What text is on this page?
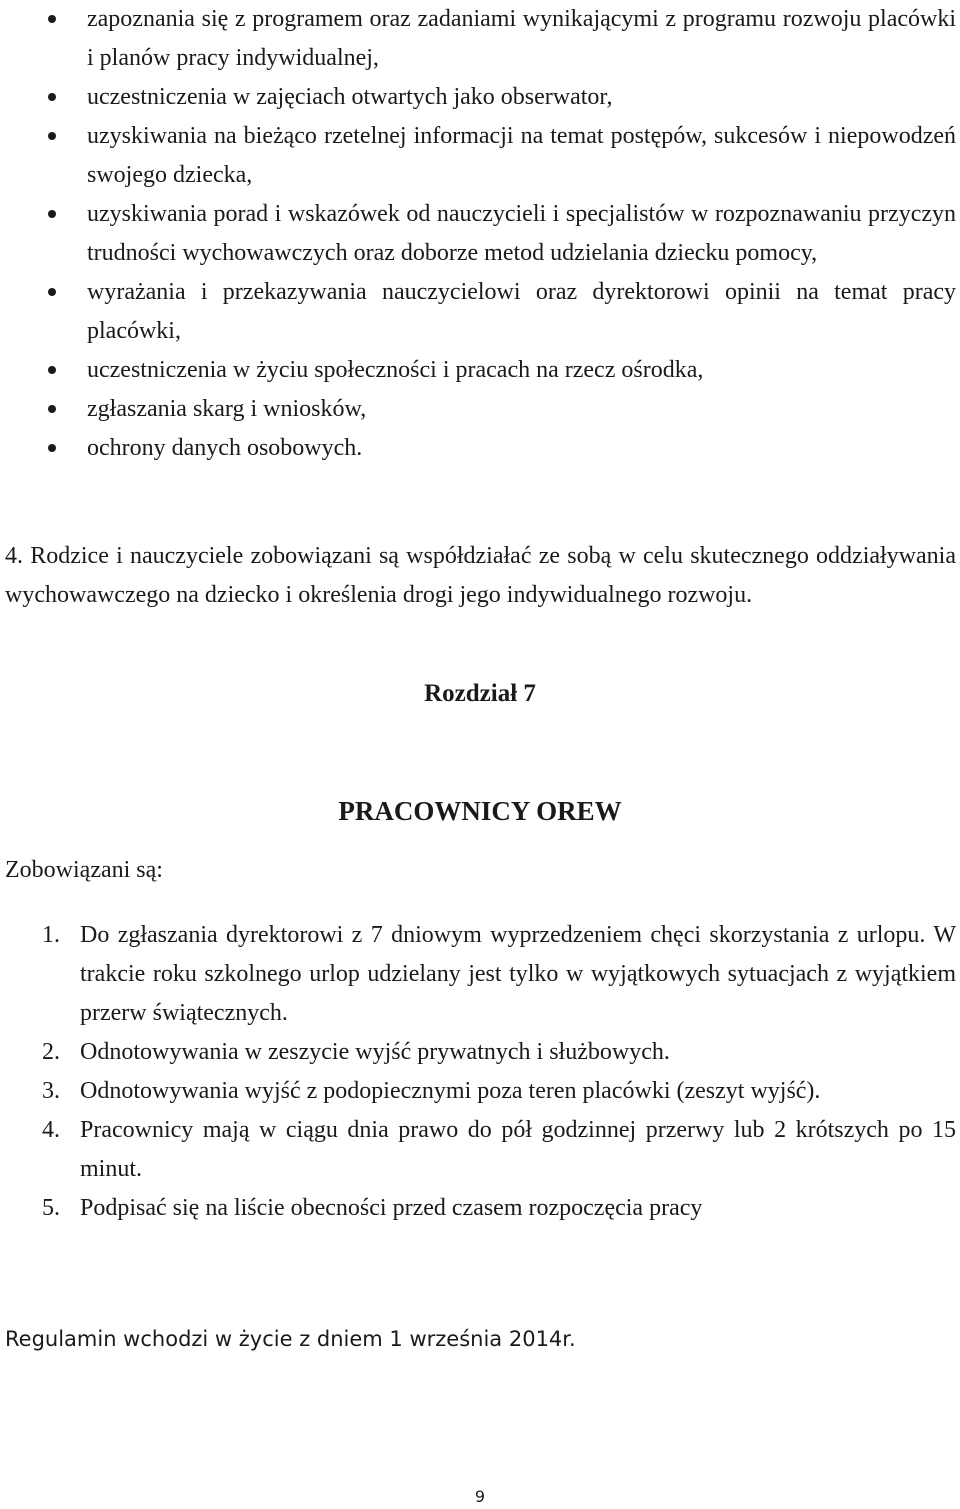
zapoznania się z programem oraz zadaniami wynikającymi z programu rozwoju placówki i planów pracy indywidualnej,
uczestniczenia w zajęciach otwartych jako obserwator,
uzyskiwania na bieżąco rzetelnej informacji na temat postępów, sukcesów i niepowodzeń swojego dziecka,
uzyskiwania porad i wskazówek od nauczycieli i specjalistów w rozpoznawaniu przyczyn trudności wychowawczych oraz doborze metod udzielania dziecku pomocy,
wyrażania i przekazywania nauczycielowi oraz dyrektorowi opinii na temat pracy placówki,
uczestniczenia w życiu społeczności i pracach na rzecz ośrodka,
zgłaszania skarg i wniosków,
ochrony danych osobowych.

4. Rodzice i nauczyciele zobowiązani są współdziałać ze sobą w celu skutecznego oddziaływania wychowawczego na dziecko i określenia drogi jego indywidualnego rozwoju.

Rozdział 7
PRACOWNICY OREW

Zobowiązani są:

1. Do zgłaszania dyrektorowi z 7 dniowym wyprzedzeniem chęci skorzystania z urlopu. W trakcie roku szkolnego urlop udzielany jest tylko w wyjątkowych sytuacjach z wyjątkiem przerw świątecznych.
2. Odnotowywania w zeszycie wyjść prywatnych i służbowych.
3. Odnotowywania wyjść z podopiecznymi poza teren placówki (zeszyt wyjść).
4. Pracownicy mają w ciągu dnia prawo do pół godzinnej przerwy lub 2 krótszych po 15 minut.
5. Podpisać się na liście obecności przed czasem rozpoczęcia pracy

Regulamin wchodzi w życie z dniem 1 września 2014r.

9
